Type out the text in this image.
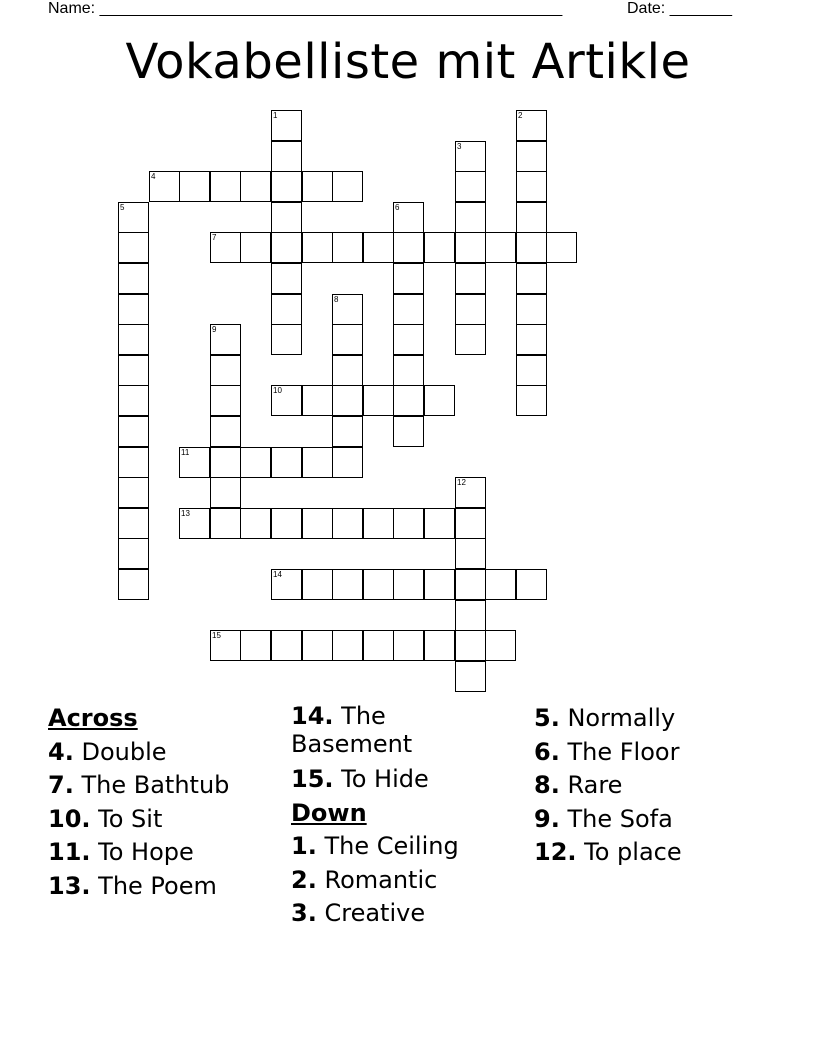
Name: ____________________________________________________	Date: _______
Vokabelliste mit Artikle
1	2
3
4
5	6
7
8
9
10
11
12
13
14
15
Across
4. Double
7. The Bathtub
10. To Sit
11. To Hope
13. The Poem
14. The Basement
15. To Hide
Down
1. The Ceiling
2. Romantic
3. Creative
5. Normally
6. The Floor
8. Rare
9. The Sofa
12. To place
